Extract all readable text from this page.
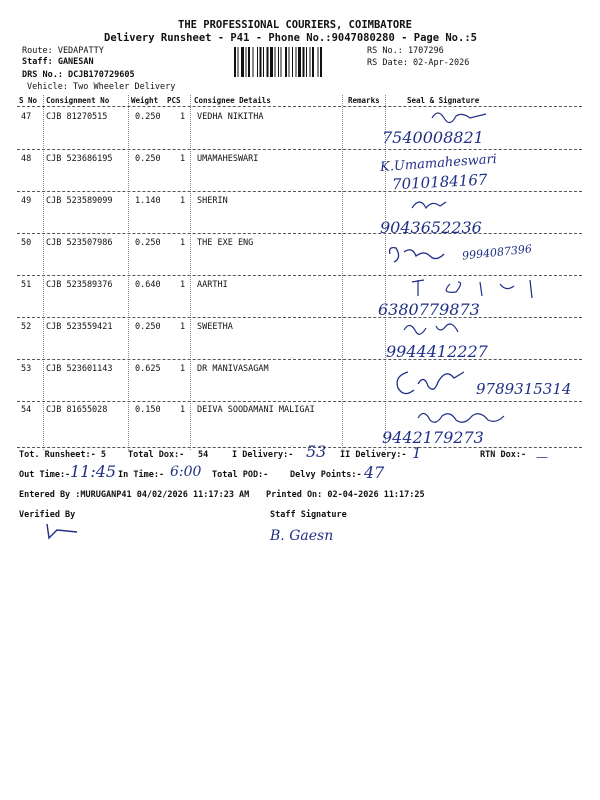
THE PROFESSIONAL COURIERS, COIMBATORE
Delivery Runsheet - P41 - Phone No.:9047080280 - Page No.:5
Route: VEDAPATTY
Staff: GANESAN
DRS No.: DCJB170729605
Vehicle: Two Wheeler Delivery
RS No.: 1707296
RS Date: 02-Apr-2026
S No Consignment No	Weight PCS Consignee Details	Remarks	Seal & Signature
47 CJB 81270515	0.250 1 VEDHA NIKITHA
7540008821
48 CJB 523686195	0.250 1 UMAMAHESWARI	K.Umamaheswari
7010184167
49 CJB 523589099	1.140 1 SHERIN
9043652236
50 CJB 523507986	0.250 1 THE EXE ENG	9994087396
51 CJB 523589376	0.640 1 AARTHI
6380779873
52 CJB 523559421	0.250 1 SWEETHA
9944412227
53 CJB 523601143	0.625 1 DR MANIVASAGAM
9789315314
54 CJB 81655028	0.150 1 DEIVA SOODAMANI MALIGAI
9442179273
Tot. Runsheet:- 5	Total Dox:- 54	I Delivery:- 53 II Delivery:- 1	RTN Dox:- —
Out Time:- 11:45 In Time:- 6:00 Total POD:-	Delvy Points:- 47
Entered By :MURUGANP41 04/02/2026 11:17:23 AM Printed On: 02-04-2026 11:17:25
Verified By	Staff Signature
B. Gaesn
